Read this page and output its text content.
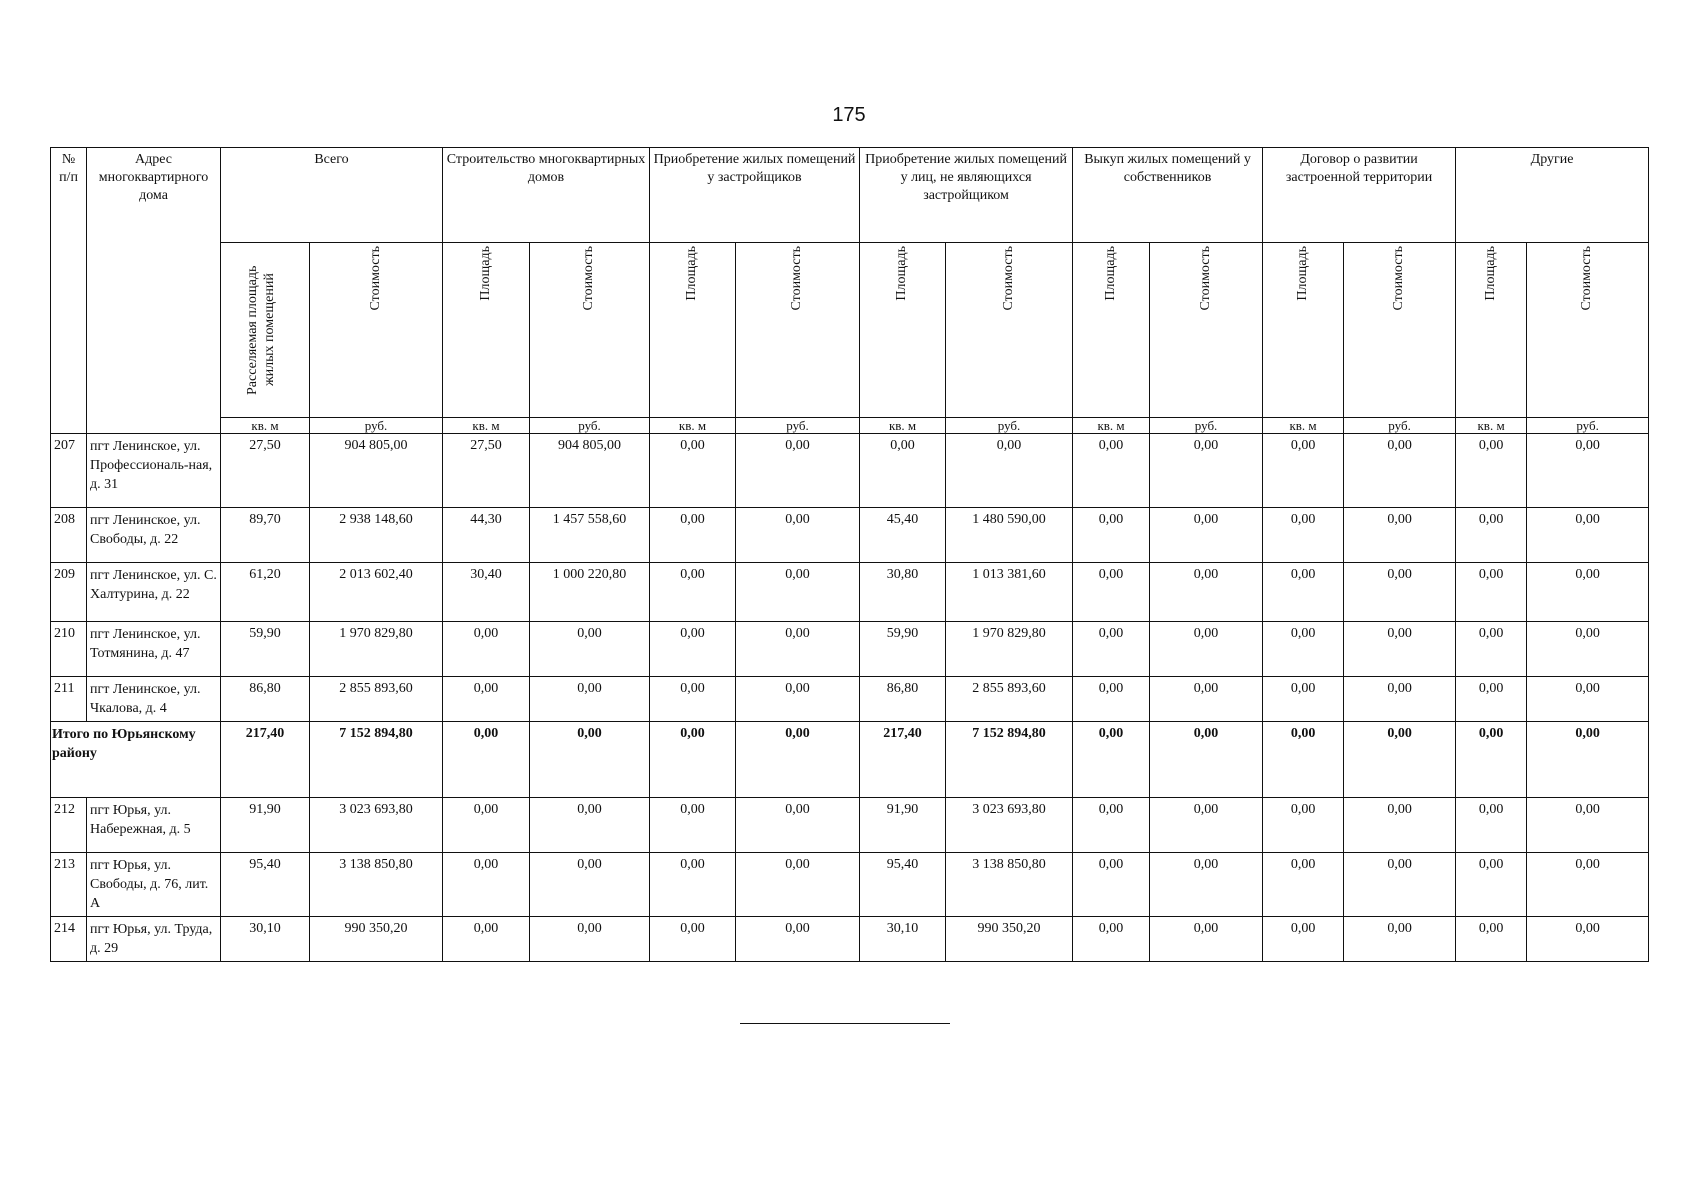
175
№
п/п	Адрес многоквартирного дома	Всего		Строительство многоквартирных домов		Приобретение жилых помещений у застройщиков		Приобретение жилых помещений у лиц, не являющихся застройщиком		Выкуп жилых помещений у собственников		Договор о развитии застроенной территории		Другие	

		Расселяемая площадь жилых помещений	Стоимость	Площадь	Стоимость	Площадь	Стоимость	Площадь	Стоимость	Площадь	Стоимость	Площадь	Стоимость	Площадь	Стоимость

		кв. м	руб.	кв. м	руб.	кв. м	руб.	кв. м	руб.	кв. м	руб.	кв. м	руб.	кв. м	руб.
207	пгт Ленинское, ул. Профессиональ-ная, д. 31	27,50	904 805,00	27,50	904 805,00	0,00	0,00	0,00	0,00	0,00	0,00	0,00	0,00	0,00	0,00
208	пгт Ленинское, ул. Свободы, д. 22	89,70	2 938 148,60	44,30	1 457 558,60	0,00	0,00	45,40	1 480 590,00	0,00	0,00	0,00	0,00	0,00	0,00
209	пгт Ленинское, ул. С. Халтурина, д. 22	61,20	2 013 602,40	30,40	1 000 220,80	0,00	0,00	30,80	1 013 381,60	0,00	0,00	0,00	0,00	0,00	0,00
210	пгт Ленинское, ул. Тотмянина, д. 47	59,90	1 970 829,80	0,00	0,00	0,00	0,00	59,90	1 970 829,80	0,00	0,00	0,00	0,00	0,00	0,00
211	пгт Ленинское, ул. Чкалова, д. 4	86,80	2 855 893,60	0,00	0,00	0,00	0,00	86,80	2 855 893,60	0,00	0,00	0,00	0,00	0,00	0,00
Итого по Юрьянскому району		217,40	7 152 894,80	0,00	0,00	0,00	0,00	217,40	7 152 894,80	0,00	0,00	0,00	0,00	0,00	0,00
212	пгт Юрья, ул. Набережная, д. 5	91,90	3 023 693,80	0,00	0,00	0,00	0,00	91,90	3 023 693,80	0,00	0,00	0,00	0,00	0,00	0,00
213	пгт Юрья, ул. Свободы, д. 76, лит. А	95,40	3 138 850,80	0,00	0,00	0,00	0,00	95,40	3 138 850,80	0,00	0,00	0,00	0,00	0,00	0,00
214	пгт Юрья, ул. Труда, д. 29	30,10	990 350,20	0,00	0,00	0,00	0,00	30,10	990 350,20	0,00	0,00	0,00	0,00	0,00	0,00
